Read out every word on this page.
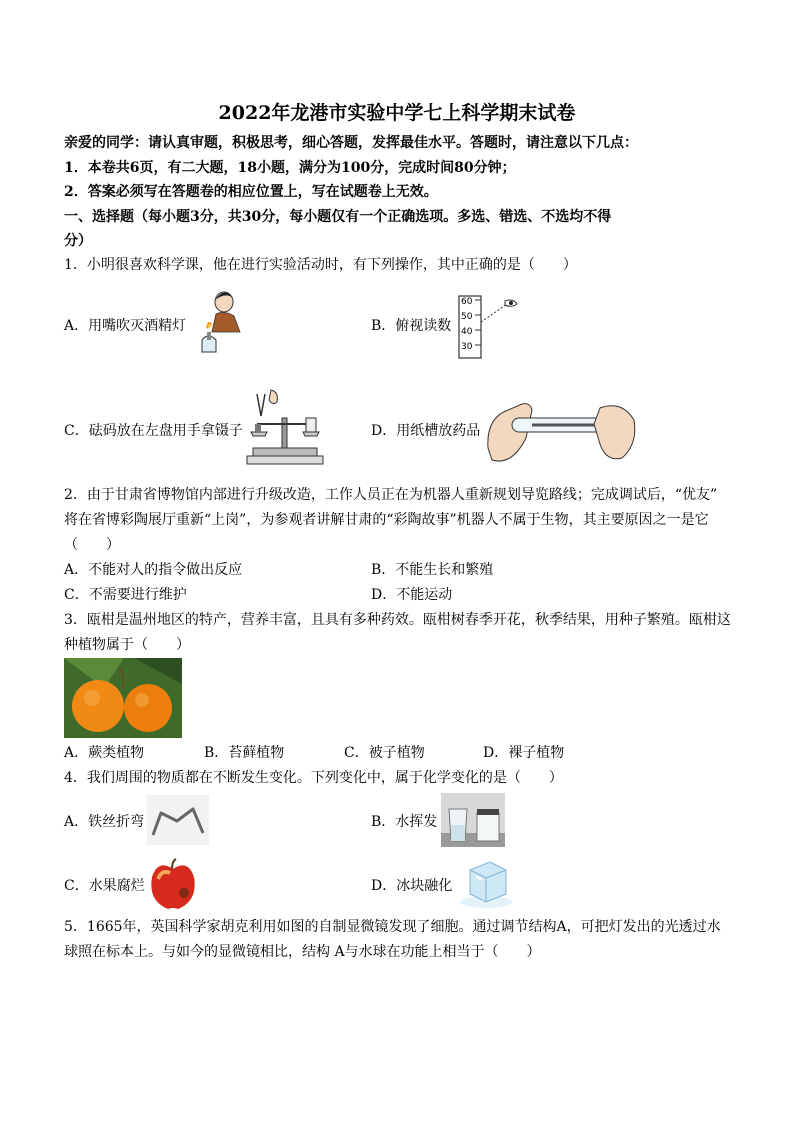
2022年龙港市实验中学七上科学期末试卷
亲爱的同学：请认真审题，积极思考，细心答题，发挥最佳水平。答题时，请注意以下几点：
1．本卷共6页，有二大题，18小题，满分为100分，完成时间80分钟；
2．答案必须写在答题卷的相应位置上，写在试题卷上无效。
一、选择题（每小题3分，共30分，每小题仅有一个正确选项。多选、错选、不选均不得
分）
1．小明很喜欢科学课，他在进行实验活动时，有下列操作，其中正确的是（　　）
A．用嘴吹灭酒精灯	B．俯视读数
60
50
40
30
C．砝码放在左盘用手拿镊子	D．用纸槽放药品
2．由于甘肃省博物馆内部进行升级改造，工作人员正在为机器人重新规划导览路线；完成调试后，“优友”
将在省博彩陶展厅重新“上岗”，为参观者讲解甘肃的“彩陶故事”机器人不属于生物，其主要原因之一是它
（　　）
A．不能对人的指令做出反应	B．不能生长和繁殖
C．不需要进行维护	D．不能运动
3．瓯柑是温州地区的特产，营养丰富，且具有多种药效。瓯柑树春季开花，秋季结果，用种子繁殖。瓯柑这
种植物属于（　　）
A．蕨类植物	B．苔藓植物	C．被子植物	D．裸子植物
4．我们周围的物质都在不断发生变化。下列变化中，属于化学变化的是（　　）
A．铁丝折弯	B．水挥发
C．水果腐烂	D．冰块融化
5．1665年，英国科学家胡克利用如图的自制显微镜发现了细胞。通过调节结构A，可把灯发出的光透过水
球照在标本上。与如今的显微镜相比，结构 A与水球在功能上相当于（　　）
